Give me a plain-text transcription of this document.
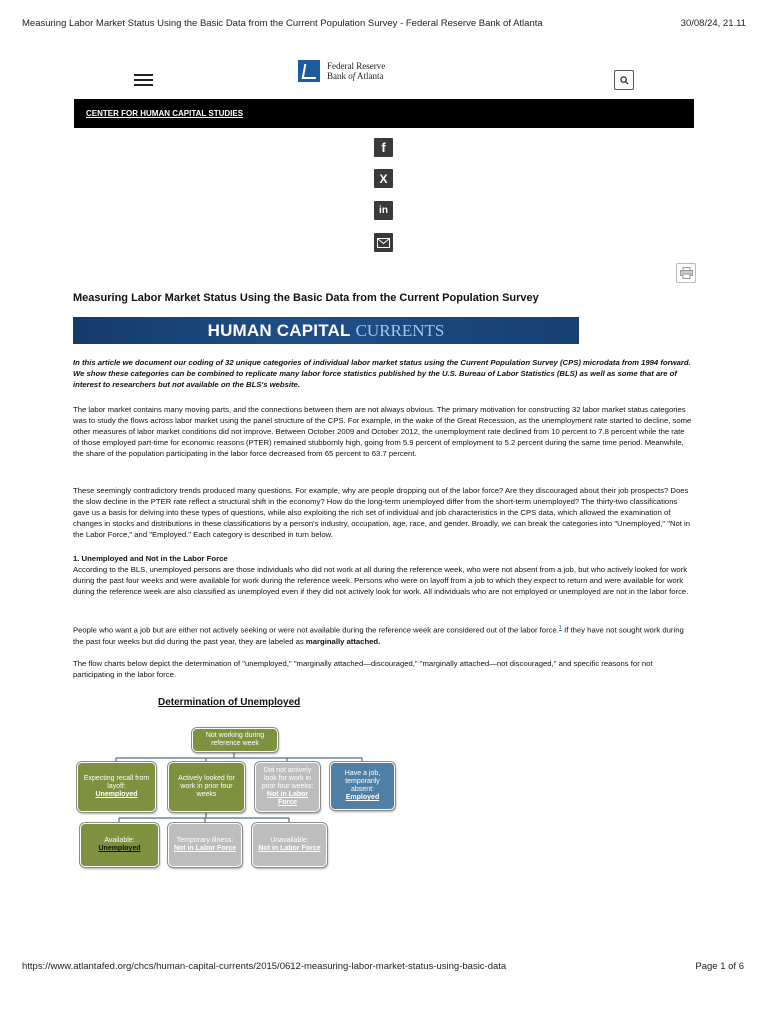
Measuring Labor Market Status Using the Basic Data from the Current Population Survey - Federal Reserve Bank of Atlanta	30/08/24, 21.11
Federal Reserve
Bank of Atlanta
CENTER FOR HUMAN CAPITAL STUDIES
f
X
in
Measuring Labor Market Status Using the Basic Data from the Current Population Survey
HUMAN CAPITAL CURRENTS
In this article we document our coding of 32 unique categories of individual labor market status using the Current Population Survey (CPS) microdata from 1994 forward. We show these categories can be combined to replicate many labor force statistics published by the U.S. Bureau of Labor Statistics (BLS) as well as some that are of interest to researchers but not available on the BLS's website.
The labor market contains many moving parts, and the connections between them are not always obvious. The primary motivation for constructing 32 labor market status categories was to study the flows across labor market using the panel structure of the CPS. For example, in the wake of the Great Recession, as the unemployment rate started to decline, some other measures of labor market conditions did not improve. Between October 2009 and October 2012, the unemployment rate declined from 10 percent to 7.8 percent while the rate of those employed part-time for economic reasons (PTER) remained stubbornly high, going from 5.9 percent of employment to 5.2 percent during the same time period. Meanwhile, the share of the population participating in the labor force decreased from 65 percent to 63.7 percent.
These seemingly contradictory trends produced many questions. For example, why are people dropping out of the labor force? Are they discouraged about their job prospects? Does the slow decline in the PTER rate reflect a structural shift in the economy? How do the long-term unemployed differ from the short-term unemployed? The thirty-two classifications gave us a basis for delving into these types of questions, while also exploiting the rich set of individual and job characteristics in the CPS data, which allowed the examination of changes in stocks and distributions in these classifications by a person's industry, occupation, age, race, and gender. Broadly, we can break the categories into "Unemployed," "Not in the Labor Force," and "Employed." Each category is described in turn below.
1. Unemployed and Not in the Labor Force
According to the BLS, unemployed persons are those individuals who did not work at all during the reference week, who were not absent from a job, but who actively looked for work during the past four weeks and were available for work during the reference week. Persons who were on layoff from a job to which they expect to return and were available for work during the reference week are also classified as unemployed even if they did not actively look for work. All individuals who are not employed or unemployed are not in the labor force.
People who want a job but are either not actively seeking or were not available during the reference week are considered out of the labor force.$^1$ If they have not sought work during the past four weeks but did during the past year, they are labeled as marginally attached.
The flow charts below depict the determination of "unemployed," "marginally attached—discouraged," "marginally attached—not discouraged," and specific reasons for not participating in the labor force.
Determination of Unemployed
Not working during reference week
Expecting recall from layoff:
Unemployed
Actively looked for work in prior four weeks
Did not actively look for work in prior four weeks:
Not in Labor Force
Have a job, temporarily absent:
Employed
Available:
Unemployed
Temporary illness:
Not in Labor Force
Unavailable:
Not in Labor Force
https://www.atlantafed.org/chcs/human-capital-currents/2015/0612-measuring-labor-market-status-using-basic-data	Page 1 of 6
